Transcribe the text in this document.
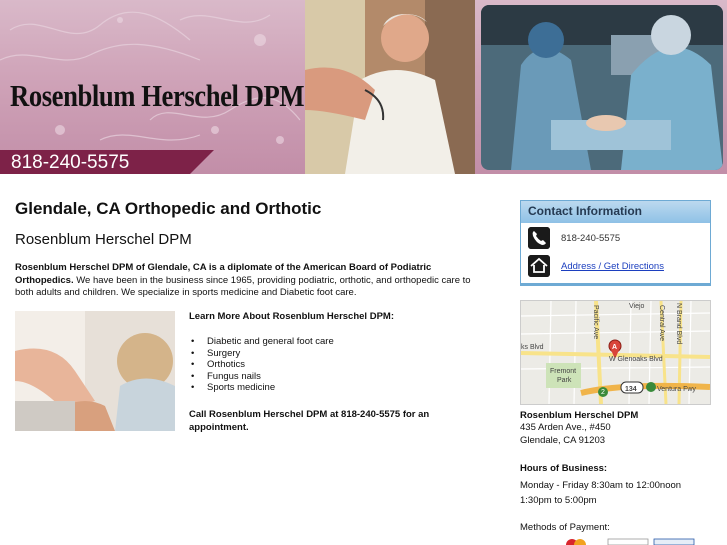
Rosenblum Herschel DPM
818-240-5575
Glendale, CA Orthopedic and Orthotic
Rosenblum Herschel DPM
Rosenblum Herschel DPM of Glendale, CA is a diplomate of the American Board of Podiatric Orthopedics. We have been in the business since 1965, providing podiatric, orthotic, and orthopedic care to both adults and children. We specialize in sports medicine and Diabetic foot care.
Learn More About Rosenblum Herschel DPM:
• Diabetic and general foot care
• Surgery
• Orthotics
• Fungus nails
• Sports medicine
Call Rosenblum Herschel DPM at 818-240-5575 for an appointment.
Contact Information
818-240-5575
Address / Get Directions
Viejo
ks Blvd
W Glenoaks Blvd
Fremont
Park
134
2	Ventura Fwy
A
Pacific Ave	Central Ave N Brand Blvd
Rosenblum Herschel DPM
435 Arden Ave., #450
Glendale, CA 91203
Hours of Business:
Monday - Friday 8:30am to 12:00noon
1:30pm to 5:00pm
Methods of Payment:
